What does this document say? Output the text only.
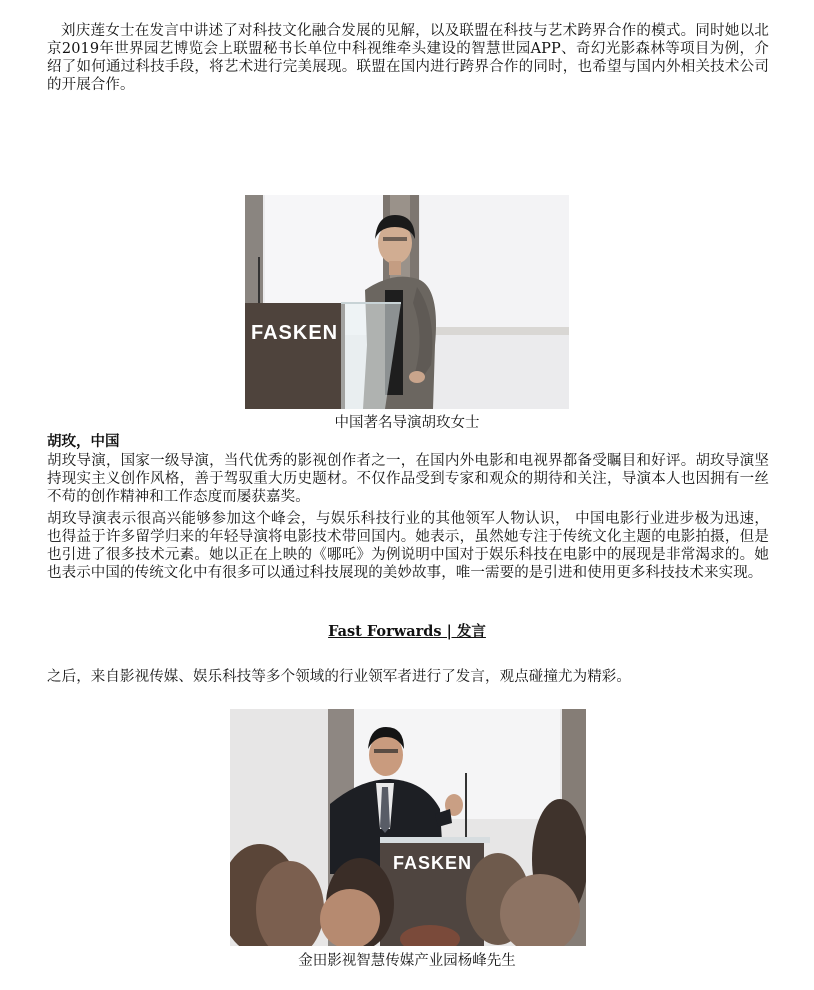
刘庆莲女士在发言中讲述了对科技文化融合发展的见解，以及联盟在科技与艺术跨界合作的模式。同时她以北京2019年世界园艺博览会上联盟秘书长单位中科视维牵头建设的智慧世园APP、奇幻光影森林等项目为例，介绍了如何通过科技手段，将艺术进行完美展现。联盟在国内进行跨界合作的同时，也希望与国内外相关技术公司的开展合作。

FASKEN
中国著名导演胡玫女士
胡玫，中国

胡玫导演，国家一级导演，当代优秀的影视创作者之一，在国内外电影和电视界都备受瞩目和好评。胡玫导演坚持现实主义创作风格，善于驾驭重大历史题材。不仅作品受到专家和观众的期待和关注，导演本人也因拥有一丝不苟的创作精神和工作态度而屡获嘉奖。

胡玫导演表示很高兴能够参加这个峰会，与娱乐科技行业的其他领军人物认识， 中国电影行业进步极为迅速， 也得益于许多留学归来的年轻导演将电影技术带回国内。她表示，虽然她专注于传统文化主题的电影拍摄，但是也引进了很多技术元素。她以正在上映的《哪吒》为例说明中国对于娱乐科技在电影中的展现是非常渴求的。她也表示中国的传统文化中有很多可以通过科技展现的美妙故事，唯一需要的是引进和使用更多科技技术来实现。

Fast Forwards | 发言

之后，来自影视传媒、娱乐科技等多个领域的行业领军者进行了发言，观点碰撞尤为精彩。

FASKEN
金田影视智慧传媒产业园杨峰先生
